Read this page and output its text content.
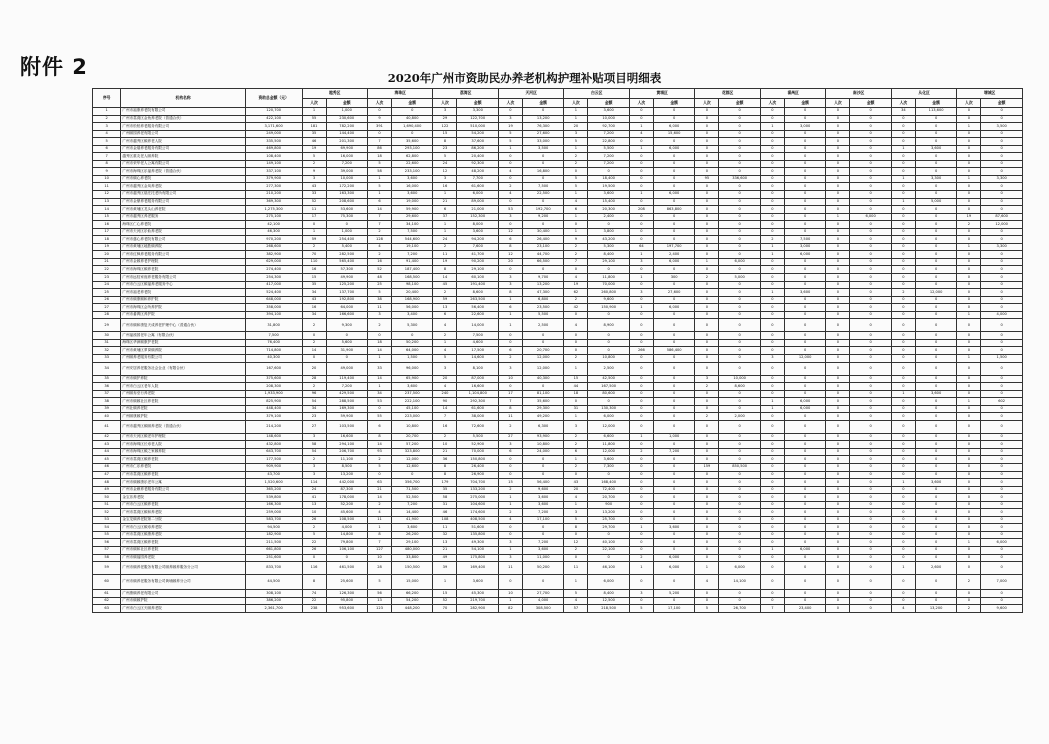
附件 2	2020年广州市资助民办养老机构护理补贴项目明细表
序号	机构名称	资助总金额（元）	越秀区		海珠区		荔湾区		天河区		白云区		黄埔区		花都区		番禺区		南沙区		从化区		增城区	
			人次	金额	人次	金额	人次	金额	人次	金额	人次	金额	人次	金额	人次	金额	人次	金额	人次	金额	人次	金额	人次	金额
1	广州市福康养老院有限公司	120,700	1	1,000	0	0	3	3,300	0	0	1	3,600	0	0	0	0	0	0	0	0	34	113,600	0	0
2	广州市荔湾区金鱼养老院（普通合伙）	422,100	55	230,600	9	40,800	29	122,700	3	13,200	1	10,000	0	0	0	0	0	0	0	0	0	0	0	0
3	广州市松柏养老服务有限公司	3,171,600	181	782,200	391	1,690,400	122	510,000	19	76,300	20	92,700	1	6,000	0	0	1	3,000	0	0	0	0	1	3,500
4	广州颐园养老有限公司	249,000	35	144,400	0	0	15	54,200	5	27,600	3	7,200	4	15,600	0	0	0	0	0	0	0	0	0	0
5	广州市越秀区颐养老人院	335,500	46	201,300	7	35,600	8	37,600	5	33,000	5	22,800	0	0	0	0	0	0	0	0	0	0	0	0
6	广州市金瑞养老服务有限公司	469,800	19	69,900	86	293,100	23	86,200	1	3,500	1	5,500	1	6,000	0	0	0	0	0	0	1	3,600	0	0
7	越秀区重友老人颐养院	108,400	5	16,000	18	62,800	5	20,400	0	0	2	7,200	0	0	0	0	0	0	0	0	0	0	0	0
8	广州市荣华老人公寓有限公司	149,100	2	7,200	5	22,600	24	92,300	0	0	2	7,200	0	0	0	0	0	0	0	0	0	0	0	0
9	广州市海珠区乐福养老院（普通合伙）	337,100	9	39,000	58	233,100	12	48,200	4	16,800	0	0	0	0	0	0	0	0	0	0	0	0	0	0
10	广州市颐心养老院	379,900	3	10,000	1	3,600	3	7,700	0	0	5	18,400	0	0	95	336,600	0	0	0	0	1	3,300	1	3,300
11	广州市越秀区金凤养老院	277,300	43	172,200	5	16,000	16	61,600	2	7,500	5	19,500	0	0	0	0	0	0	0	0	0	0	0	0
12	广州市越秀区瑞庄托老所有限公司	210,200	33	163,300	1	3,600	1	6,000	4	22,500	1	3,600	1	6,000	0	0	0	0	0	0	0	0	0	0
13	广州市金鼎养老服务有限公司	369,300	52	208,600	6	19,000	21	89,000	0	0	4	15,400	0	0	0	0	0	0	0	0	1	5,000	0	0
14	广州市黄埔区龙头山养老院	1,275,300	11	53,600	14	59,900	6	21,000	53	192,700	6	20,300	208	863,800	0	0	0	0	0	0	0	0	0	0
15	广州市越秀区养老服务	275,100	17	75,300	7	29,600	37	152,300	3	9,200	1	2,400	0	0	0	0	0	0	1	6,000	0	0	19	87,600
16	海珠区仁心养老院	42,100	0	0	7	34,100	1	8,000	0	0	0	0	0	0	0	0	0	0	0	0	0	0	2	12,000
17	广州市天河区乐仙养老院	46,300	1	1,000	2	7,500	1	3,600	12	30,400	1	3,800	0	0	0	0	0	0	0	0	0	0	0	0
18	广州市慈心养老院有限公司	970,200	59	254,400	128	544,600	24	94,200	6	26,400	9	43,200	0	0	0	0	2	7,500	0	0	0	0	0	0
19	广州市黄埔区地胜颐养院	268,600	2	5,400	4	19,100	2	7,600	8	23,100	2	5,300	64	197,700	0	0	1	3,000	0	0	0	0	1	3,300
20	广州市红枫养老服务有限公司	382,900	70	282,500	2	7,200	11	41,700	12	44,700	2	8,400	1	2,400	0	0	1	6,000	0	0	0	0	0	0
21	广州市金颐养老护理院	629,000	110	565,400	16	91,400	19	90,200	20	66,500	7	29,100	3	6,000	1	6,000	0	0	0	0	0	0	0	0
22	广州市海珠区颐养老院	274,400	16	57,300	52	187,400	8	29,100	0	0	0	0	0	0	0	0	0	0	0	0	0	0	0	0
23	广州市远桂家庭养老服务有限公司	254,300	15	49,900	48	168,500	14	60,100	3	9,700	4	11,800	1	300	2	5,000	0	0	0	0	0	0	0	0
24	广州市白云区颐福养老服务中心	417,000	35	125,200	25	98,100	45	191,400	3	13,200	19	70,000	0	0	0	0	0	0	0	0	0	0	0	0
25	广州市福老养老院	524,400	34	137,700	5	20,400	2	8,600	8	47,300	62	260,800	3	27,600	0	0	1	3,600	0	0	2	12,000	0	0
26	广州市颐康颐和养护院	648,000	43	192,800	38	168,900	59	263,500	1	6,800	2	9,600	0	0	0	0	0	0	0	0	0	0	0	0
27	广州市海珠区会所养护院	358,000	16	64,000	11	56,000	13	56,400	6	23,500	42	150,900	1	6,000	0	0	0	0	0	0	0	0	0	0
28	广州市番禺区养护院	394,100	34	166,600	3	3,400	6	22,600	1	5,500	0	0	0	0	0	0	0	0	0	0	0	0	1	4,000
29	广州市颐和康复天成养老护理中心（普通合伙）	31,800	2	9,300	2	5,300	4	14,000	1	2,500	4	8,900	0	0	0	0	0	0	0	0	0	0	0	0
30	广州福禧园老年公寓（有限合伙）	7,500	0	0	0	0	2	7,500	0	0	0	0	0	0	0	0	0	0	0	0	0	0	0	0
31	海珠区华润颐康护老院	76,400	2	5,600	18	50,200	1	4,600	0	0	0	0	0	0	0	0	0	0	0	0	0	0	0	0
32	广州市黄埔区萝岗颐养院	714,800	14	31,900	14	64,000	4	17,500	6	20,700	0	0	266	586,400	0	0	0	0	0	0	0	0	0	0
33	广州颐养老服务有限公司	40,300	0	0	1	1,500	5	14,600	2	12,000	2	10,800	0	0	0	0	3	12,000	0	0	0	0	1	1,500
34	广州安居养老服务社会企业（有限合伙）	167,600	20	49,000	33	96,000	3	8,100	3	12,000	1	2,500	0	0	0	0	0	0	0	0	0	0	0	0
35	广州市颐护养院	375,600	28	119,400	14	65,900	20	87,000	10	40,300	15	42,500	0	0	3	10,000	0	0	0	0	0	0	0	0
36	广州市白云区老年人院	208,300	2	7,200	1	3,600	4	16,600	0	0	44	167,500	0	0	2	8,600	0	0	0	0	0	0	0	0
37	广州颐寿至行养老院	1,933,900	96	429,500	34	237,500	240	1,104,800	17	81,100	18	80,600	0	0	0	0	0	0	0	0	1	3,600	0	0
38	广州市颐颐社区养老院	825,900	54	288,500	53	222,100	90	292,300	7	35,600	0	0	0	0	0	0	1	6,000	0	0	0	0	1	602
39	广州社颐养老院	448,400	34	169,300	0	45,100	14	61,600	8	29,300	31	130,300	0	0	0	0	1	6,000	0	0	0	0	0	0
40	广州颐康颐护院	379,100	23	59,900	55	223,000	7	38,000	11	49,200	1	6,000	0	0	2	2,000	0	0	0	0	0	0	0	0
41	广州市越秀区颐颐养老院（普通合伙）	214,200	27	103,500	6	10,800	16	72,600	2	6,300	3	12,000	0	0	0	0	0	0	0	0	0	0	0	0
42	广州市天河区颐老年护理院	148,600	3	16,600	8	20,700	2	5,500	27	93,900	2	6,600	1	1,000	0	0	0	0	0	0	0	0	0	0
43	广州市海珠区长寿老人院	432,800	58	294,100	14	57,200	10	52,900	3	10,800	2	11,800	0	0	0	0	0	0	0	0	0	0	0	0
44	广州市海珠区颐之家颐养院	643,700	54	206,700	93	323,800	21	70,000	6	24,000	6	12,000	2	7,200	0	0	0	0	0	0	0	0	0	0
45	广州市荔湾区颐养老院	177,500	2	11,100	2	12,000	36	150,800	0	0	1	3,600	0	0	0	0	0	0	0	0	0	0	0	0
46	广州市仁乐养老院	909,900	3	8,500	5	12,600	8	26,400	0	0	2	7,300	0	0	159	850,500	0	0	0	0	0	0	0	0
47	广州市荔湾区颐养老院	43,700	3	13,200	0	0	8	26,900	0	0	0	0	0	0	0	0	0	0	0	0	0	0	0	0
48	广州市颐颐康乐老年公寓	1,520,600	114	442,000	63	356,700	179	704,700	15	56,400	43	168,400	0	0	0	0	0	0	0	0	1	3,600	0	0
49	广州市金雁养老服务有限公司	365,200	24	87,300	21	71,500	35	133,200	2	9,600	20	72,400	0	0	0	0	0	0	0	0	0	0	0	0
50	金宝乐养老院	539,800	41	178,000	14	52,500	58	275,000	1	3,600	4	20,700	0	0	0	0	0	0	0	0	0	0	0	0
51	广州市白云区颐养老院	166,300	13	52,200	2	7,200	31	104,600	1	3,600	1	900	0	0	0	0	0	0	0	0	0	0	0	0
52	广州市荔湾区颐和养老院	259,000	10	45,600	4	14,400	46	174,600	2	7,200	3	13,200	0	0	0	0	0	0	0	0	0	0	0	0
53	金宝龙颐养老院第二分院	583,700	26	108,500	11	41,900	108	408,500	4	17,100	5	25,700	0	0	0	0	0	0	0	0	0	0	0	0
54	广州市白云区颐寿养老院	94,500	2	4,000	1	3,600	11	51,600	0	0	8	29,700	1	3,600	0	0	0	0	0	0	0	0	0	0
55	广州市荔湾区颐康养老院	182,900	5	14,800	8	26,200	32	135,800	0	0	0	0	0	0	0	0	0	0	0	0	0	0	0	0
56	广州市荔湾区颐养老院	211,500	22	79,800	7	29,100	13	49,300	3	7,200	12	40,100	0	0	0	0	0	0	0	0	0	0	1	6,000
57	广州市颐和社区养老院	661,800	26	106,100	127	480,000	21	54,100	1	3,600	2	22,100	0	0	0	0	1	6,000	0	0	0	0	0	0
58	广州市颐福园养老院	251,600	0	0	10	33,800	49	175,800	3	11,000	0	0	2	6,000	0	0	0	0	0	0	0	0	0	0
59	广州市颐养老服务有限公司颐养颐养服务分公司	833,700	116	461,500	28	150,500	39	169,400	11	50,200	11	46,100	1	6,000	1	6,000	0	0	0	0	1	2,600	0	0
60	广州市颐养老服务有限公司黄埔颐养分公司	44,500	8	25,600	5	15,000	1	3,600	0	0	1	6,000	0	0	4	14,100	0	0	0	0	0	0	2	7,000
61	广州康颐养老有限公司	308,100	74	126,300	56	66,200	15	45,300	10	27,700	5	8,400	3	5,200	0	0	0	0	0	0	0	0	0	0
62	广州市颐颐护院	386,200	22	95,800	13	54,200	52	219,700	1	4,000	4	12,500	0	0	0	0	0	0	0	0	0	0	0	0
63	广州市白云区天颐养老院	2,361,700	238	953,600	123	448,200	70	282,900	82	308,500	57	218,500	5	17,100	5	26,700	7	23,400	0	0	4	13,200	2	9,600
